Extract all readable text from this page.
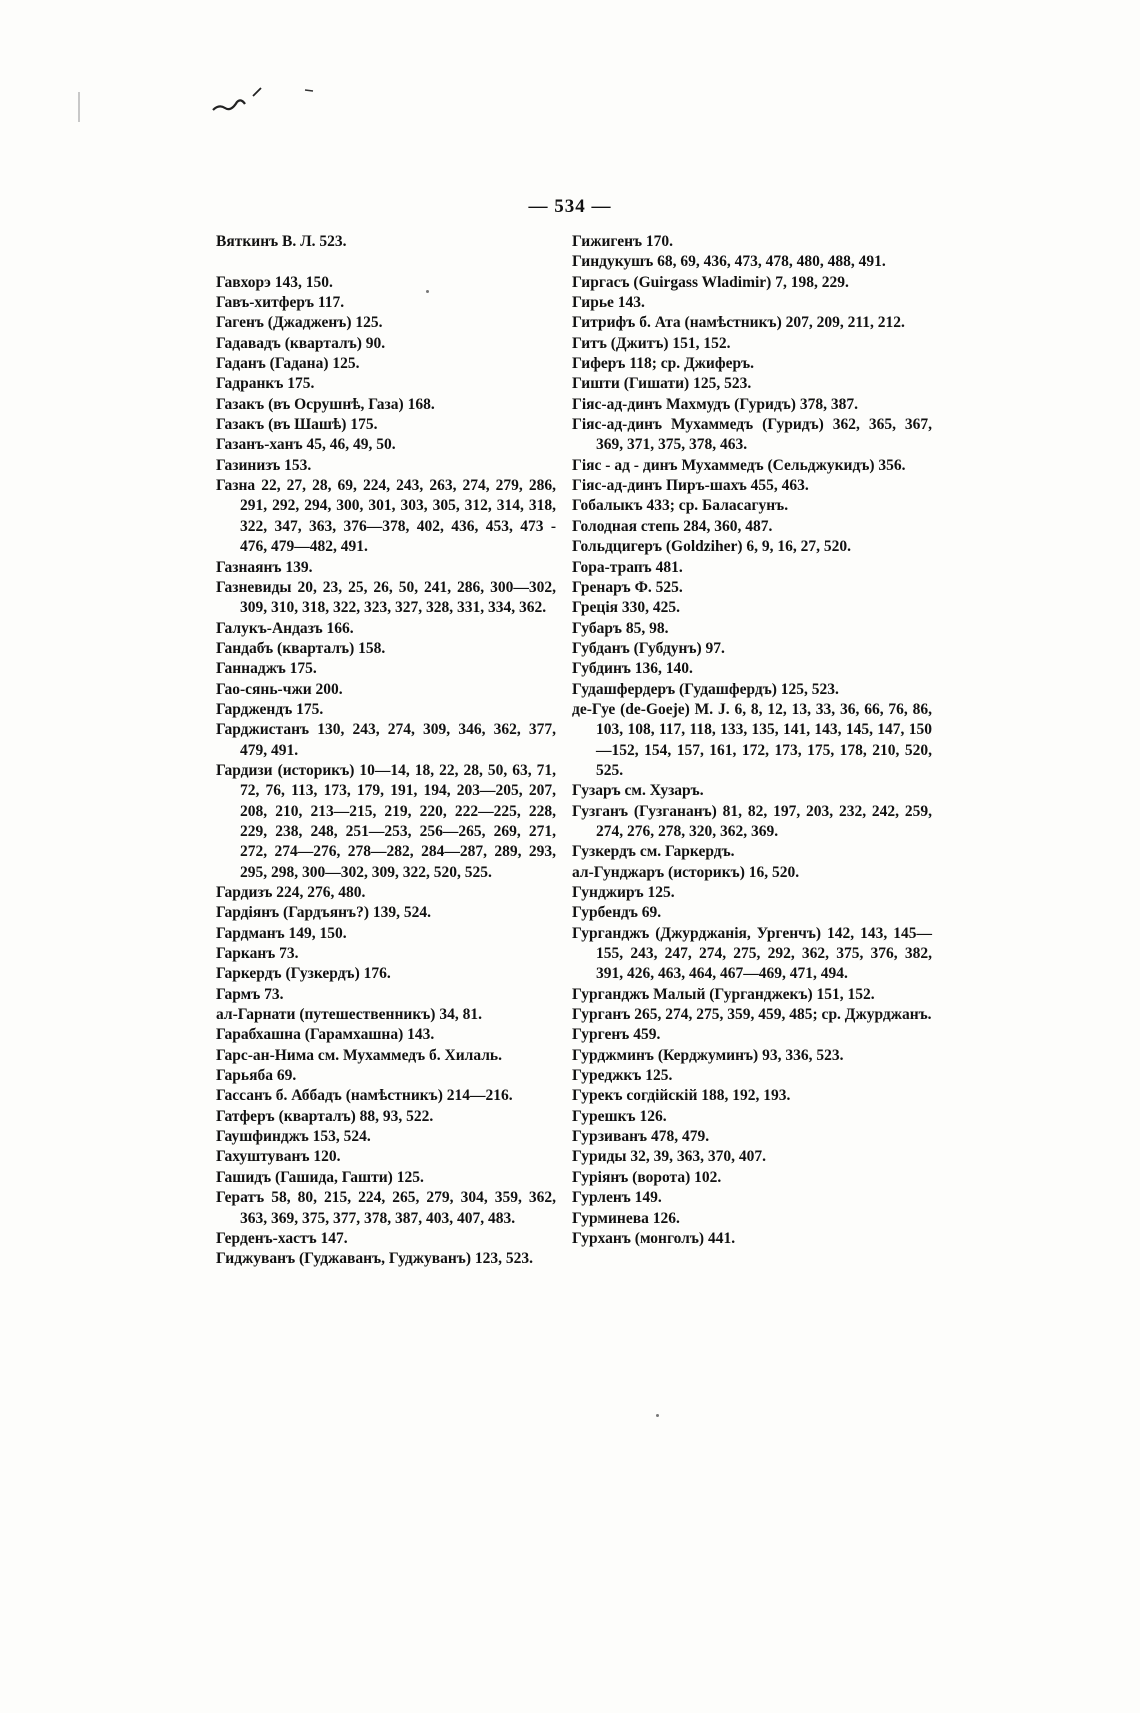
— 534 —
Вяткинъ В. Л. 523.
Гавхорэ 143, 150.
Гавъ-хитферъ 117.
Гагенъ (Джадженъ) 125.
Гадавадъ (кварталъ) 90.
Гаданъ (Гадана) 125.
Гадранкъ 175.
Газакъ (въ Осрушнѣ, Газа) 168.
Газакъ (въ Шашѣ) 175.
Газанъ-ханъ 45, 46, 49, 50.
Газинизъ 153.
Газна 22, 27, 28, 69, 224, 243, 263, 274, 279, 286, 291, 292, 294, 300, 301, 303, 305, 312, 314, 318, 322, 347, 363, 376—378, 402, 436, 453, 473 - 476, 479—482, 491.
Газнаянъ 139.
Газневиды 20, 23, 25, 26, 50, 241, 286, 300—302, 309, 310, 318, 322, 323, 327, 328, 331, 334, 362.
Галукъ-Андазъ 166.
Гандабъ (кварталъ) 158.
Ганнаджъ 175.
Гао-сянь-чжи 200.
Гарджендъ 175.
Гарджистанъ 130, 243, 274, 309, 346, 362, 377, 479, 491.
Гардизи (историкъ) 10—14, 18, 22, 28, 50, 63, 71, 72, 76, 113, 173, 179, 191, 194, 203—205, 207, 208, 210, 213—215, 219, 220, 222—225, 228, 229, 238, 248, 251—253, 256—265, 269, 271, 272, 274—276, 278—282, 284—287, 289, 293, 295, 298, 300—302, 309, 322, 520, 525.
Гардизъ 224, 276, 480.
Гардіянъ (Гардъянъ?) 139, 524.
Гардманъ 149, 150.
Гарканъ 73.
Гаркердъ (Гузкердъ) 176.
Гармъ 73.
ал-Гарнати (путешественникъ) 34, 81.
Гарабхашна (Гарамхашна) 143.
Гарс-ан-Нима см. Мухаммедъ б. Хилаль.
Гарьяба 69.
Гассанъ б. Аббадъ (намѣстникъ) 214—216.
Гатферъ (кварталъ) 88, 93, 522.
Гаушфинджъ 153, 524.
Гахуштуванъ 120.
Гашидъ (Гашида, Гашти) 125.
Гератъ 58, 80, 215, 224, 265, 279, 304, 359, 362, 363, 369, 375, 377, 378, 387, 403, 407, 483.
Герденъ-хастъ 147.
Гиджуванъ (Гуджаванъ, Гуджуванъ) 123, 523.
Гижигенъ 170.
Гиндукушъ 68, 69, 436, 473, 478, 480, 488, 491.
Гиргасъ (Guirgass Wladimir) 7, 198, 229.
Гирье 143.
Гитрифъ б. Ата (намѣстникъ) 207, 209, 211, 212.
Гитъ (Джитъ) 151, 152.
Гиферъ 118; ср. Джиферъ.
Гишти (Гишати) 125, 523.
Гіяс-ад-динъ Махмудъ (Гуридъ) 378, 387.
Гіяс-ад-динъ Мухаммедъ (Гуридъ) 362, 365, 367, 369, 371, 375, 378, 463.
Гіяс - ад - динъ Мухаммедъ (Сельджукидъ) 356.
Гіяс-ад-динъ Пиръ-шахъ 455, 463.
Гобалыкъ 433; ср. Баласагунъ.
Голодная степь 284, 360, 487.
Гольдцигеръ (Goldziher) 6, 9, 16, 27, 520.
Гора-трапъ 481.
Гренаръ Ф. 525.
Греція 330, 425.
Губаръ 85, 98.
Губданъ (Губдунъ) 97.
Губдинъ 136, 140.
Гудашфердеръ (Гудашфердъ) 125, 523.
де-Гуе (de-Goeje) M. J. 6, 8, 12, 13, 33, 36, 66, 76, 86, 103, 108, 117, 118, 133, 135, 141, 143, 145, 147, 150—152, 154, 157, 161, 172, 173, 175, 178, 210, 520, 525.
Гузаръ см. Хузаръ.
Гузганъ (Гузгананъ) 81, 82, 197, 203, 232, 242, 259, 274, 276, 278, 320, 362, 369.
Гузкердъ см. Гаркердъ.
ал-Гунджаръ (историкъ) 16, 520.
Гунджиръ 125.
Гурбендъ 69.
Гурганджъ (Джурджанія, Ургенчъ) 142, 143, 145—155, 243, 247, 274, 275, 292, 362, 375, 376, 382, 391, 426, 463, 464, 467—469, 471, 494.
Гурганджъ Малый (Гурганджекъ) 151, 152.
Гурганъ 265, 274, 275, 359, 459, 485; ср. Джурджанъ.
Гургенъ 459.
Гурджминъ (Керджуминъ) 93, 336, 523.
Гуреджкъ 125.
Гурекъ согдійскій 188, 192, 193.
Гурешкъ 126.
Гурзиванъ 478, 479.
Гуриды 32, 39, 363, 370, 407.
Гуріянъ (ворота) 102.
Гурленъ 149.
Гурминева 126.
Гурханъ (монголъ) 441.
